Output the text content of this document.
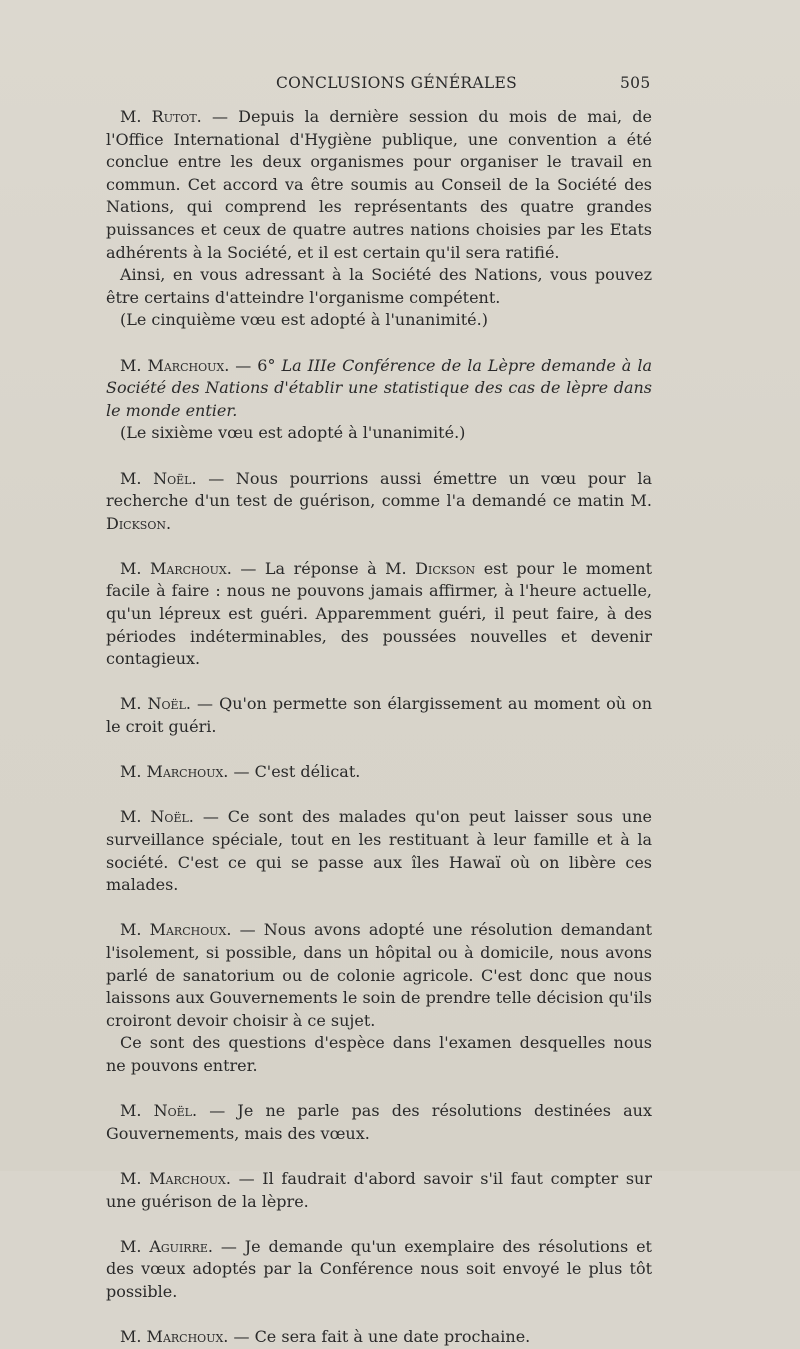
CONCLUSIONS GÉNÉRALES	505

M. Rutot. — Depuis la dernière session du mois de mai, de l'Office International d'Hygiène publique, une convention a été conclue entre les deux organismes pour organiser le travail en commun. Cet accord va être soumis au Conseil de la Société des Nations, qui comprend les représentants des quatre grandes puissances et ceux de quatre autres nations choisies par les Etats adhérents à la Société, et il est certain qu'il sera ratifié.

Ainsi, en vous adressant à la Société des Nations, vous pouvez être certains d'atteindre l'organisme compétent.

(Le cinquième vœu est adopté à l'unanimité.)

M. Marchoux. — 6° La IIIe Conférence de la Lèpre demande à la Société des Nations d'établir une statistique des cas de lèpre dans le monde entier.

(Le sixième vœu est adopté à l'unanimité.)

M. Noël. — Nous pourrions aussi émettre un vœu pour la recherche d'un test de guérison, comme l'a demandé ce matin M. Dickson.

M. Marchoux. — La réponse à M. Dickson est pour le moment facile à faire : nous ne pouvons jamais affirmer, à l'heure actuelle, qu'un lépreux est guéri. Apparemment guéri, il peut faire, à des périodes indéterminables, des poussées nouvelles et devenir contagieux.

M. Noël. — Qu'on permette son élargissement au moment où on le croit guéri.

M. Marchoux. — C'est délicat.

M. Noël. — Ce sont des malades qu'on peut laisser sous une surveillance spéciale, tout en les restituant à leur famille et à la société. C'est ce qui se passe aux îles Hawaï où on libère ces malades.

M. Marchoux. — Nous avons adopté une résolution demandant l'isolement, si possible, dans un hôpital ou à domicile, nous avons parlé de sanatorium ou de colonie agricole. C'est donc que nous laissons aux Gouvernements le soin de prendre telle décision qu'ils croiront devoir choisir à ce sujet.

Ce sont des questions d'espèce dans l'examen desquelles nous ne pouvons entrer.

M. Noël. — Je ne parle pas des résolutions destinées aux Gouvernements, mais des vœux.

M. Marchoux. — Il faudrait d'abord savoir s'il faut compter sur une guérison de la lèpre.

M. Aguirre. — Je demande qu'un exemplaire des résolutions et des vœux adoptés par la Conférence nous soit envoyé le plus tôt possible.

M. Marchoux. — Ce sera fait à une date prochaine.
